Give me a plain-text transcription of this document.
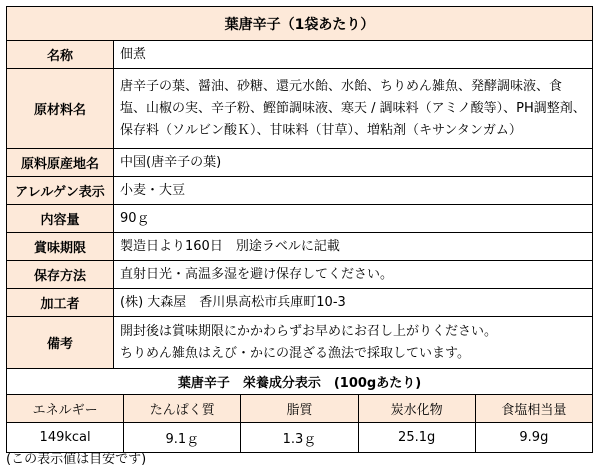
葉唐辛子（1袋あたり）	
名称	佃煮
原材料名	唐辛子の葉、醤油、砂糖、還元水飴、水飴、ちりめん雑魚、発酵調味液、食塩、山椒の実、辛子粉、鰹節調味液、寒天 / 調味料（アミノ酸等）、PH調整剤、保存料（ソルビン酸Ｋ）、甘味料（甘草）、増粘剤（キサンタンガム）
原料原産地名	中国(唐辛子の葉)
アレルゲン表示	小麦・大豆
内容量	90ｇ
賞味期限	製造日より160日　別途ラベルに記載
保存方法	直射日光・高温多湿を避け保存してください。
加工者	(株) 大森屋　香川県高松市兵庫町10-3
備考	開封後は賞味期限にかかわらずお早めにお召し上がりください。
ちりめん雑魚はえび・かにの混ざる漁法で採取しています。
葉唐辛子　栄養成分表示　(100gあたり)				
エネルギー	たんぱく質	脂質	炭水化物	食塩相当量
149kcal	9.1ｇ	1.3ｇ	25.1g	9.9g
(この表示値は目安です)
